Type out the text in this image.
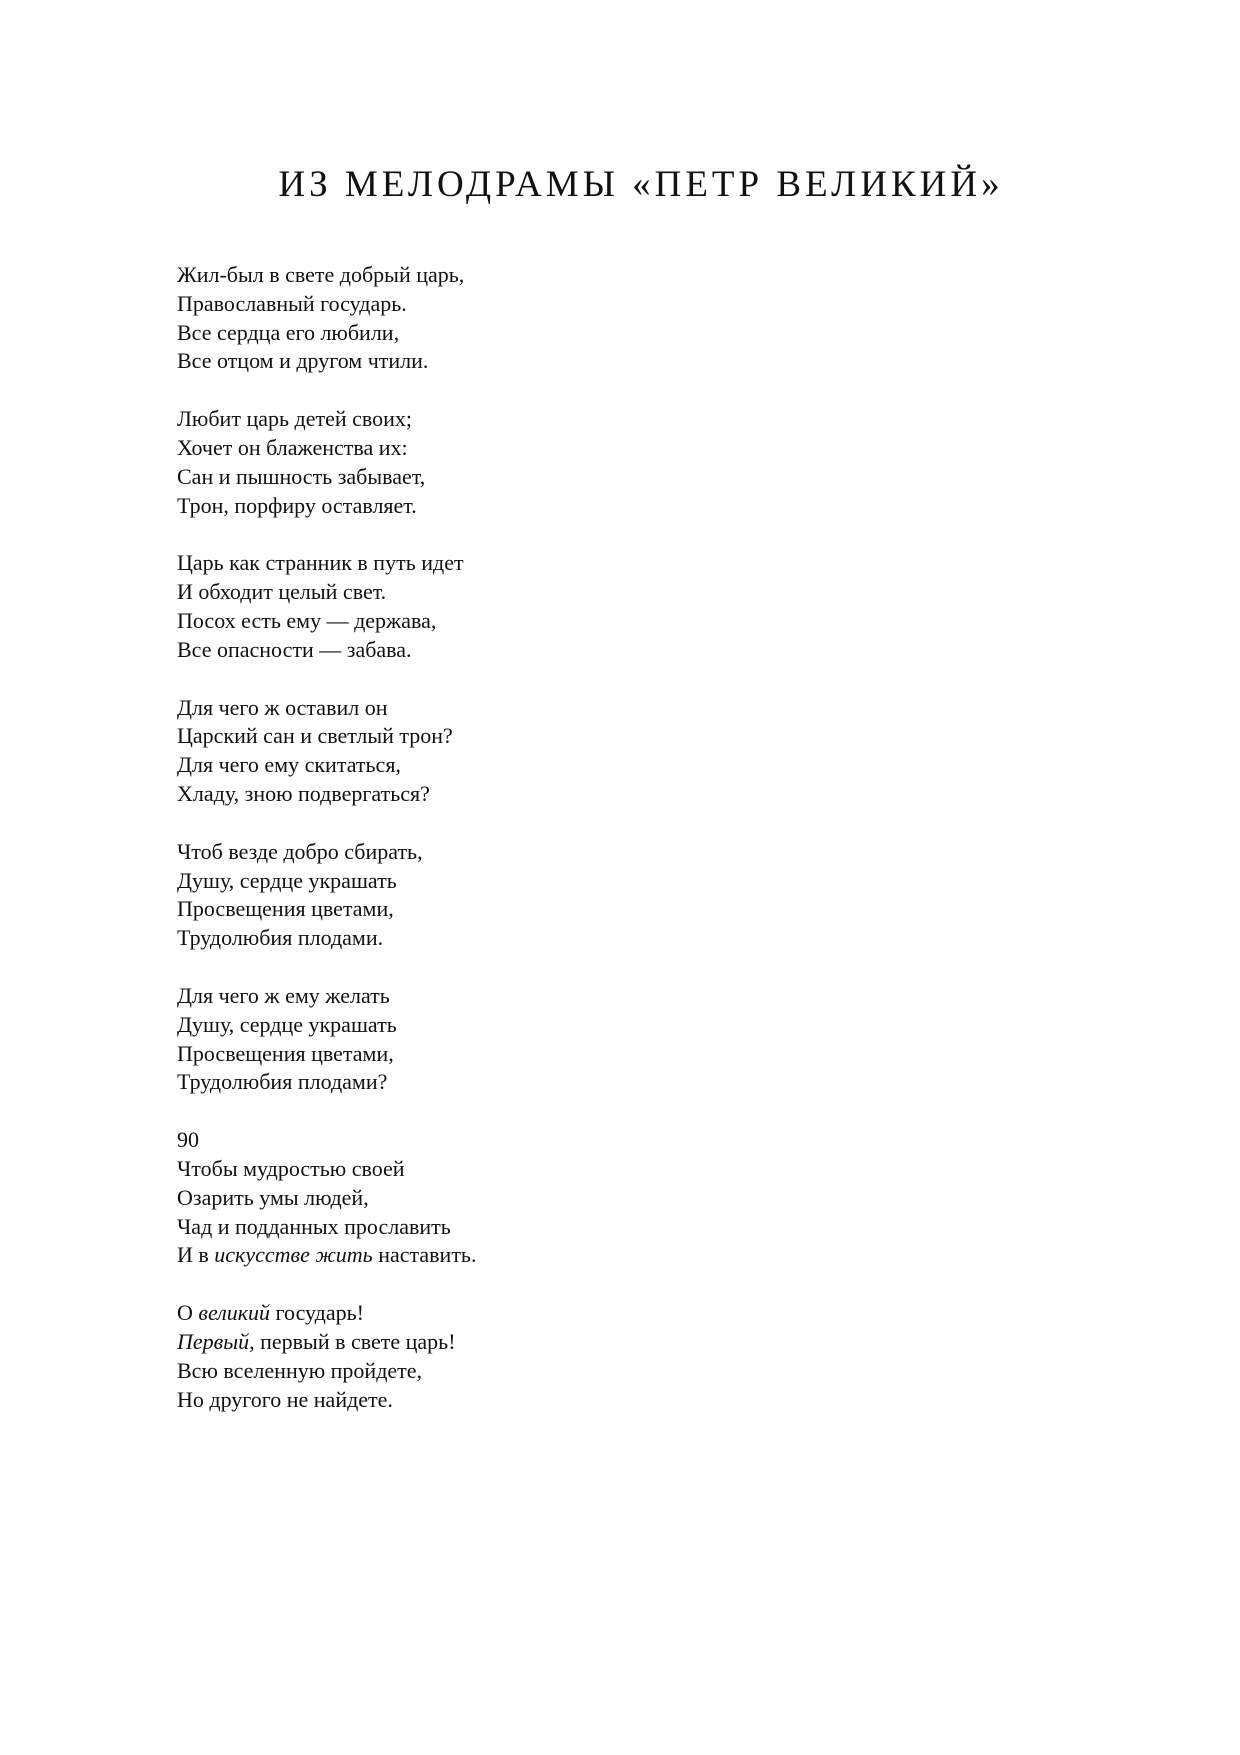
ИЗ МЕЛОДРАМЫ «ПЕТР ВЕЛИКИЙ»
Жил-был в свете добрый царь,
Православный государь.
Все сердца его любили,
Все отцом и другом чтили.
Любит царь детей своих;
Хочет он блаженства их:
Сан и пышность забывает,
Трон, порфиру оставляет.
Царь как странник в путь идет
И обходит целый свет.
Посох есть ему — держава,
Все опасности — забава.
Для чего ж оставил он
Царский сан и светлый трон?
Для чего ему скитаться,
Хладу, зною подвергаться?
Чтоб везде добро сбирать,
Душу, сердце украшать
Просвещения цветами,
Трудолюбия плодами.
Для чего ж ему желать
Душу, сердце украшать
Просвещения цветами,
Трудолюбия плодами?
90
Чтобы мудростью своей
Озарить умы людей,
Чад и подданных прославить
И в искусстве жить наставить.
О великий государь!
Первый, первый в свете царь!
Всю вселенную пройдете,
Но другого не найдете.
